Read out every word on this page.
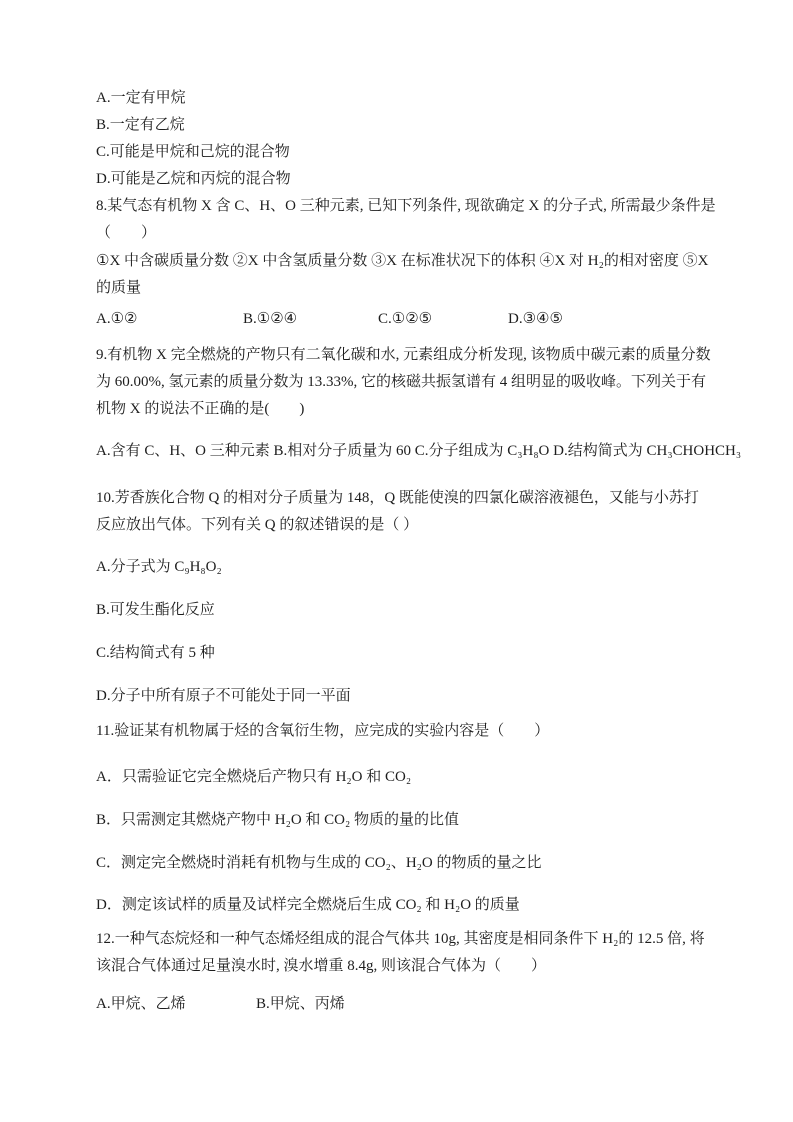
A.一定有甲烷
B.一定有乙烷
C.可能是甲烷和己烷的混合物
D.可能是乙烷和丙烷的混合物
8.某气态有机物 X 含 C、H、O 三种元素, 已知下列条件, 现欲确定 X 的分子式, 所需最少条件是
（　　）
①X 中含碳质量分数 ②X 中含氢质量分数 ③X 在标准状况下的体积 ④X 对 H₂的相对密度 ⑤X
的质量
A.①②	B.①②④	C.①②⑤	D.③④⑤
9.有机物 X 完全燃烧的产物只有二氧化碳和水, 元素组成分析发现, 该物质中碳元素的质量分数
为 60.00%, 氢元素的质量分数为 13.33%, 它的核磁共振氢谱有 4 组明显的吸收峰。下列关于有
机物 X 的说法不正确的是(　　)
A.含有 C、H、O 三种元素 B.相对分子质量为 60 C.分子组成为 C₃H₈O D.结构简式为 CH₃CHOHCH₃
10.芳香族化合物 Q 的相对分子质量为 148，Q 既能使溴的四氯化碳溶液褪色，又能与小苏打
反应放出气体。下列有关 Q 的叙述错误的是（ ）
A.分子式为 C₉H₈O₂
B.可发生酯化反应
C.结构简式有 5 种
D.分子中所有原子不可能处于同一平面
11.验证某有机物属于烃的含氧衍生物，应完成的实验内容是（　　）
A．只需验证它完全燃烧后产物只有 H₂O 和 CO₂
B．只需测定其燃烧产物中 H₂O 和 CO₂ 物质的量的比值
C．测定完全燃烧时消耗有机物与生成的 CO₂、H₂O 的物质的量之比
D．测定该试样的质量及试样完全燃烧后生成 CO₂ 和 H₂O 的质量
12.一种气态烷烃和一种气态烯烃组成的混合气体共 10g, 其密度是相同条件下 H₂的 12.5 倍, 将
该混合气体通过足量溴水时, 溴水增重 8.4g, 则该混合气体为（　　）
A.甲烷、乙烯	B.甲烷、丙烯
